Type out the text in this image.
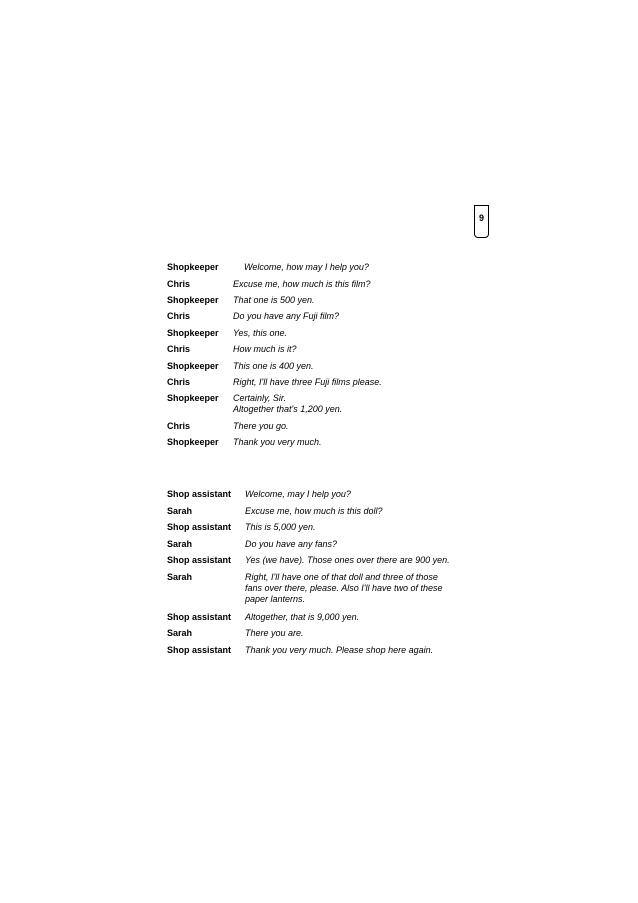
9
Shopkeeper	Welcome, how may I help you?
Chris	Excuse me, how much is this film?
Shopkeeper That one is 500 yen.
Chris	Do you have any Fuji film?
Shopkeeper Yes, this one.
Chris	How much is it?
Shopkeeper This one is 400 yen.
Chris	Right, I'll have three Fuji films please.
Shopkeeper Certainly, Sir.
Altogether that's 1,200 yen.
Chris	There you go.
Shopkeeper Thank you very much.
Shop assistant Welcome, may I help you?
Sarah	Excuse me, how much is this doll?
Shop assistant This is 5,000 yen.
Sarah	Do you have any fans?
Shop assistant Yes (we have). Those ones over there are 900 yen.
Sarah	Right, I'll have one of that doll and three of those
fans over there, please. Also I'll have two of these
paper lanterns.
Shop assistant Altogether, that is 9,000 yen.
Sarah	There you are.
Shop assistant Thank you very much. Please shop here again.
